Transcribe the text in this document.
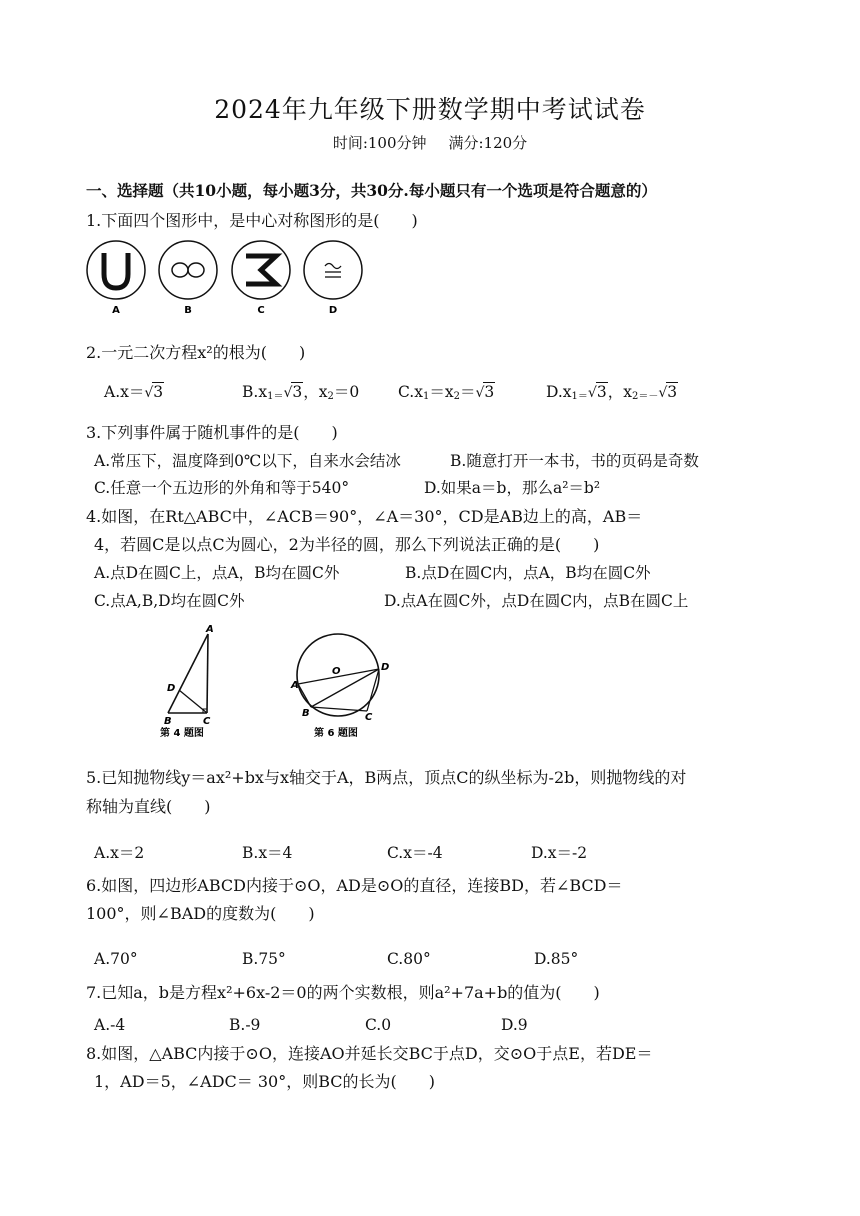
2024年九年级下册数学期中考试试卷
时间:100分钟 满分:120分
一、选择题（共10小题，每小题3分，共30分.每小题只有一个选项是符合题意的）
1.下面四个图形中，是中心对称图形的是(　　)
A	B	C	D
2.一元二次方程x²的根为(　　)
A.x＝√3	$B.x_{1=}√3$，$x_2=0$	$C.x_1=x_2=√3$	$D.x_{1=}√3$，$x_{2=-}√3$
3.下列事件属于随机事件的是(　　)
A.常压下，温度降到0℃以下，自来水会结冰	B.随意打开一本书，书的页码是奇数
C.任意一个五边形的外角和等于540°	D.如果a＝b，那么a²＝b²
4.如图，在Rt△ABC中，∠ACB＝90°，∠A＝30°，CD是AB边上的高，AB＝
4，若圆C是以点C为圆心，2为半径的圆，那么下列说法正确的是(　　)
A.点D在圆C上，点A，B均在圆C外	B.点D在圆C内，点A，B均在圆C外
C.点A,B,D均在圆C外	D.点A在圆C外，点D在圆C内，点B在圆C上
A
B	C
D
第 4 题图
A
B	C
D
O
第 6 题图
5.已知抛物线y＝ax²+bx与x轴交于A，B两点，顶点C的纵坐标为-2b，则抛物线的对
称轴为直线(　　)
A.x＝2	B.x＝4	C.x＝-4	D.x＝-2
6.如图，四边形ABCD内接于⊙O，AD是⊙O的直径，连接BD，若∠BCD＝
100°，则∠BAD的度数为(　　)
A.70°	B.75°	C.80°	D.85°
7.已知a，b是方程x²+6x-2＝0的两个实数根，则a²+7a+b的值为(　　)
A.-4	B.-9	C.0	D.9
8.如图，△ABC内接于⊙O，连接AO并延长交BC于点D，交⊙O于点E，若DE＝
1，AD＝5，∠ADC＝ 30°，则BC的长为(　　)
